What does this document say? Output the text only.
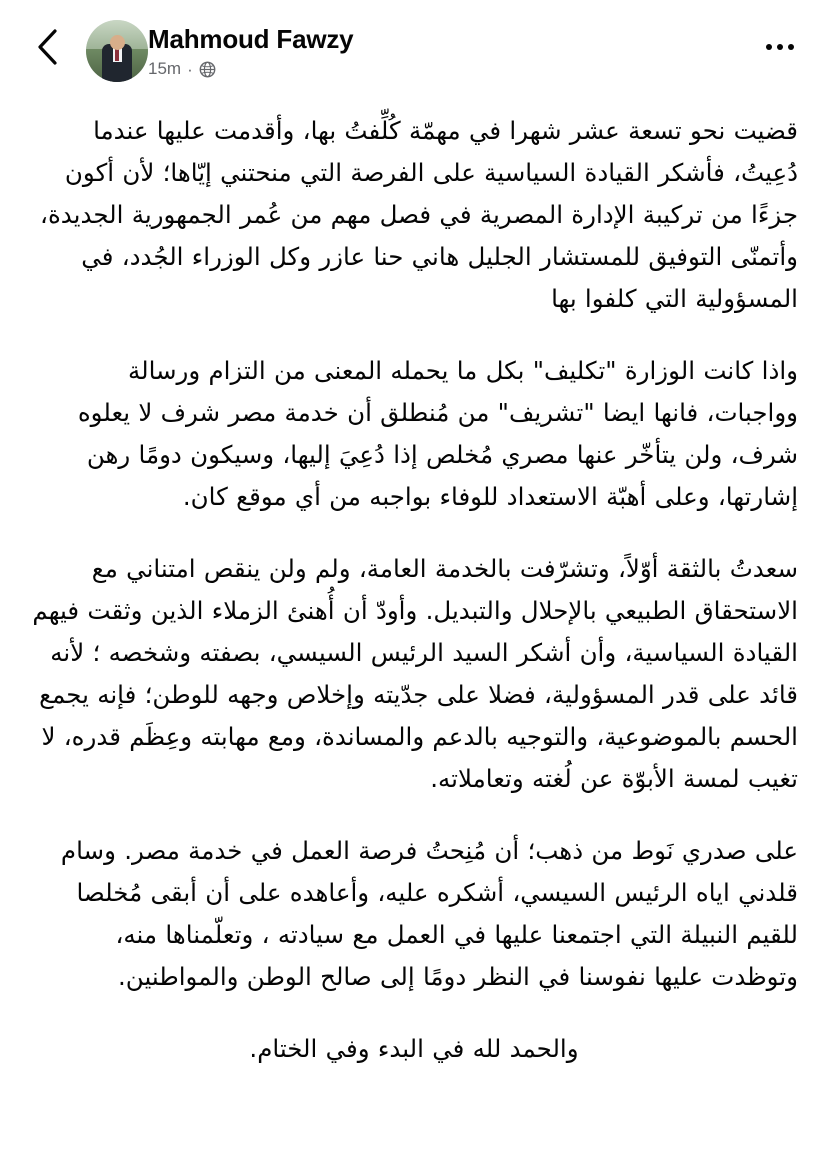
Mahmoud Fawzy
15m ·

قضيت نحو تسعة عشر شهرا في مهمّة كُلِّفتُ بها، وأقدمت عليها عندما دُعِيتُ، فأشكر القيادة السياسية على الفرصة التي منحتني إيّاها؛ لأن أكون جزءًا من تركيبة الإدارة المصرية في فصل مهم من عُمر الجمهورية الجديدة، وأتمنّى التوفيق للمستشار الجليل هاني حنا عازر وكل الوزراء الجُدد، في المسؤولية التي كلفوا بها

واذا كانت الوزارة "تكليف" بكل ما يحمله المعنى من التزام ورسالة وواجبات، فانها ايضا "تشريف" من مُنطلق أن خدمة مصر شرف لا يعلوه شرف، ولن يتأخّر عنها مصري مُخلص إذا دُعِيَ إليها، وسيكون دومًا رهن إشارتها، وعلى أهبّة الاستعداد للوفاء بواجبه من أي موقع كان.

سعدتُ بالثقة أوّلاً، وتشرّفت بالخدمة العامة، ولم ولن ينقص امتناني مع الاستحقاق الطبيعي بالإحلال والتبديل. وأودّ أن أُهنئ الزملاء الذين وثقت فيهم القيادة السياسية، وأن أشكر السيد الرئيس السيسي، بصفته وشخصه ؛ لأنه قائد على قدر المسؤولية، فضلا على جدّيته وإخلاص وجهه للوطن؛ فإنه يجمع الحسم بالموضوعية، والتوجيه بالدعم والمساندة، ومع مهابته وعِظَم قدره، لا تغيب لمسة الأبوّة عن لُغته وتعاملاته.

على صدري نَوط من ذهب؛ أن مُنِحتُ فرصة العمل في خدمة مصر. وسام قلدني اياه الرئيس السيسي، أشكره عليه، وأعاهده على أن أبقى مُخلصا للقيم النبيلة التي اجتمعنا عليها في العمل مع سيادته ، وتعلّمناها منه، وتوظدت عليها نفوسنا في النظر دومًا إلى صالح الوطن والمواطنين.

والحمد لله في البدء وفي الختام.
